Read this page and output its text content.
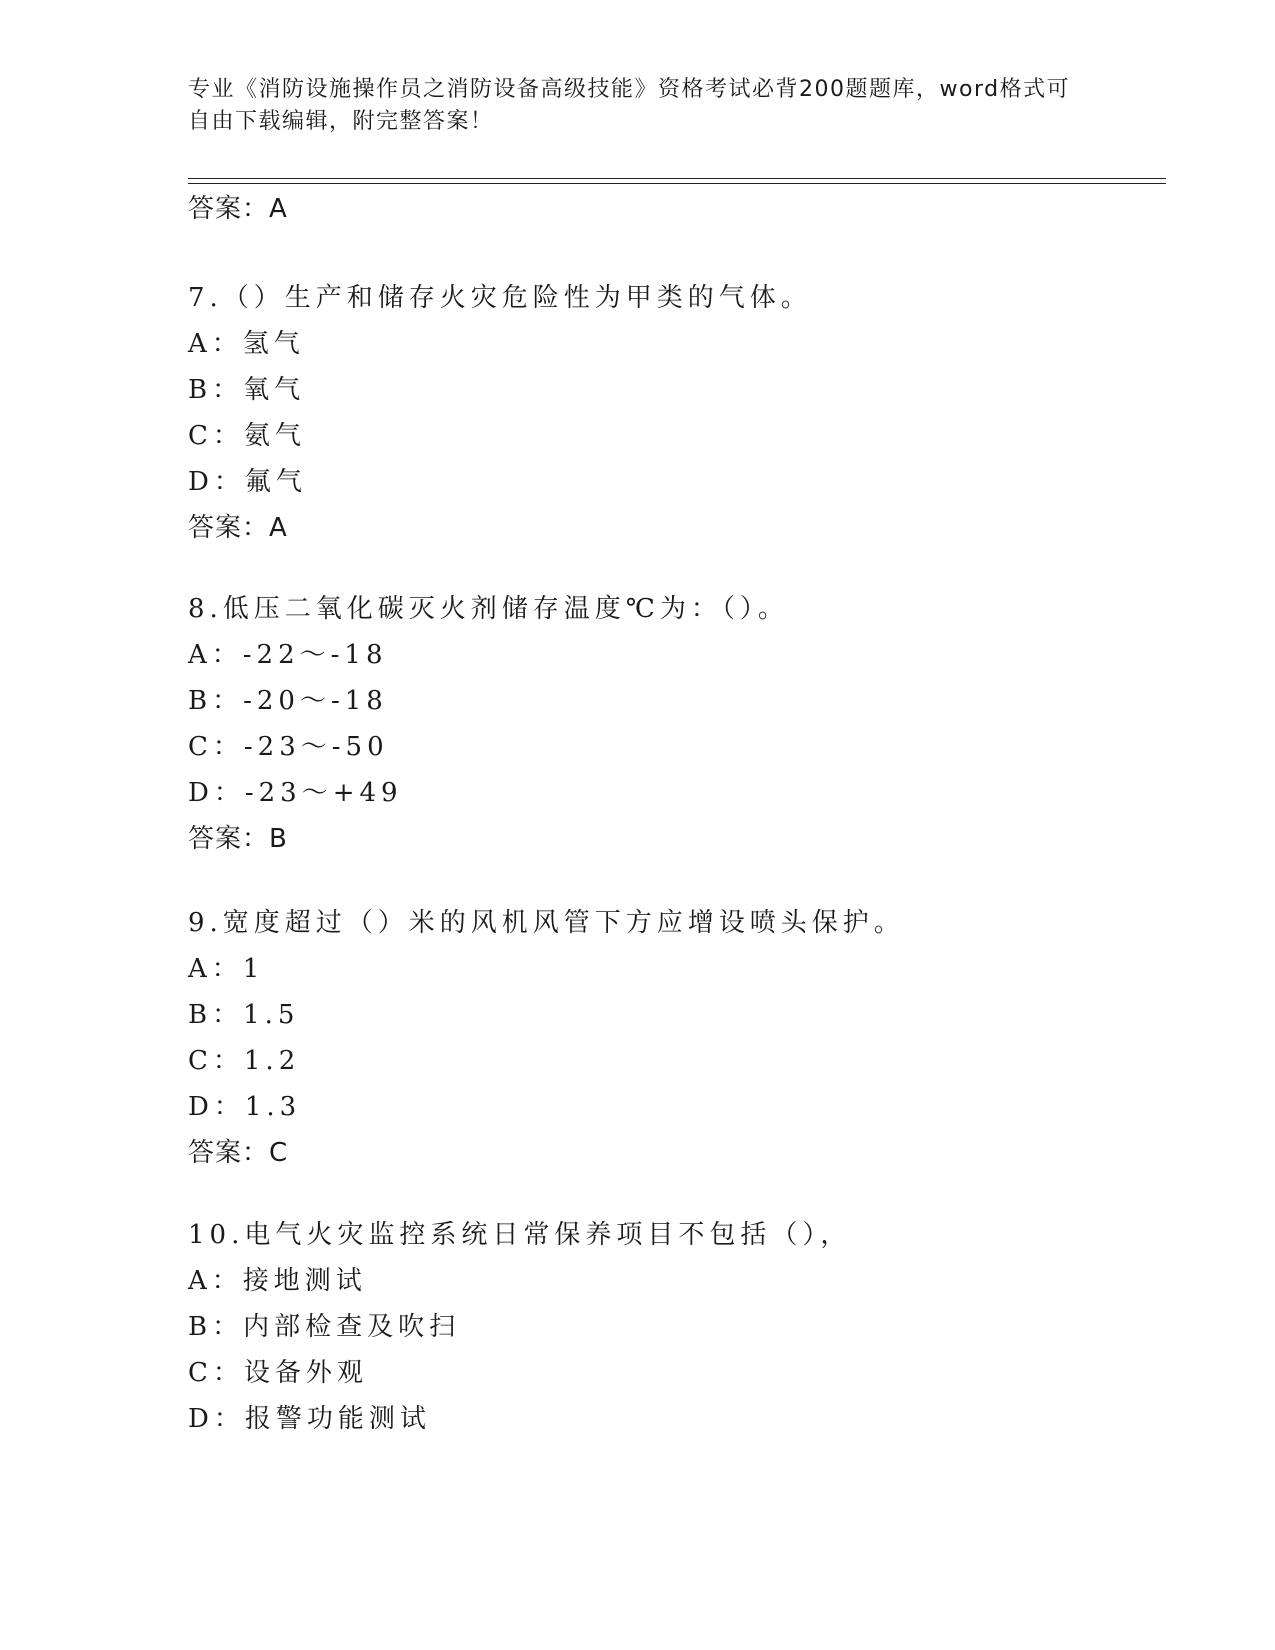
专业《消防设施操作员之消防设备高级技能》资格考试必背200题题库，word格式可自由下载编辑，附完整答案！
答案：A
7.（）生产和储存火灾危险性为甲类的气体。
A：氢气
B：氧气
C：氨气
D：氟气
答案：A
8.低压二氧化碳灭火剂储存温度℃为：（）。
A：-22～-18
B：-20～-18
C：-23～-50
D：-23～+49
答案：B
9.宽度超过（）米的风机风管下方应增设喷头保护。
A：1
B：1.5
C：1.2
D：1.3
答案：C
10.电气火灾监控系统日常保养项目不包括（），
A：接地测试
B：内部检查及吹扫
C：设备外观
D：报警功能测试
